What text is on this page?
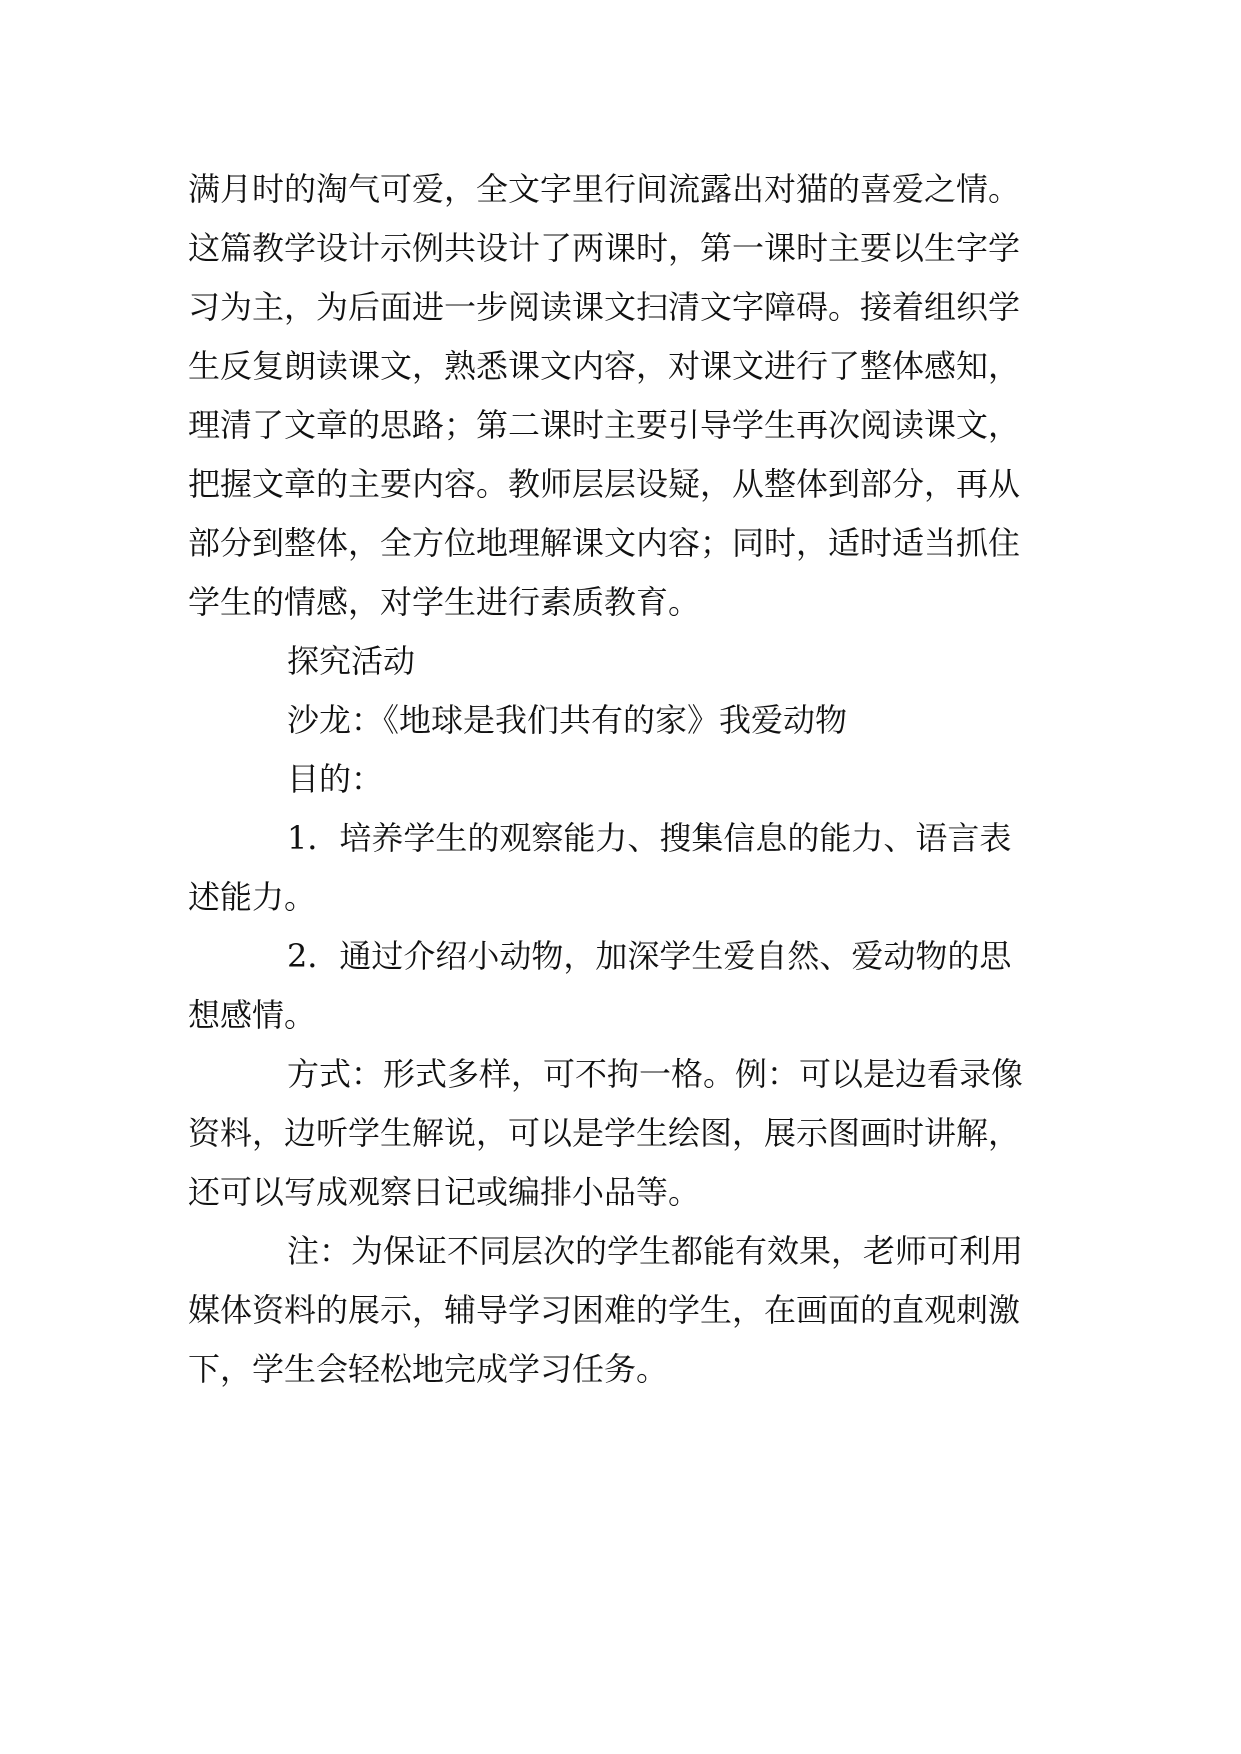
满月时的淘气可爱，全文字里行间流露出对猫的喜爱之情。
这篇教学设计示例共设计了两课时，第一课时主要以生字学
习为主，为后面进一步阅读课文扫清文字障碍。接着组织学
生反复朗读课文，熟悉课文内容，对课文进行了整体感知，
理清了文章的思路；第二课时主要引导学生再次阅读课文，
把握文章的主要内容。教师层层设疑，从整体到部分，再从
部分到整体，全方位地理解课文内容；同时，适时适当抓住
学生的情感，对学生进行素质教育。
探究活动
沙龙：《地球是我们共有的家》我爱动物
目的：
1．培养学生的观察能力、搜集信息的能力、语言表
述能力。
2．通过介绍小动物，加深学生爱自然、爱动物的思
想感情。
方式：形式多样，可不拘一格。例：可以是边看录像
资料，边听学生解说，可以是学生绘图，展示图画时讲解，
还可以写成观察日记或编排小品等。
注：为保证不同层次的学生都能有效果，老师可利用
媒体资料的展示，辅导学习困难的学生，在画面的直观刺激
下，学生会轻松地完成学习任务。
